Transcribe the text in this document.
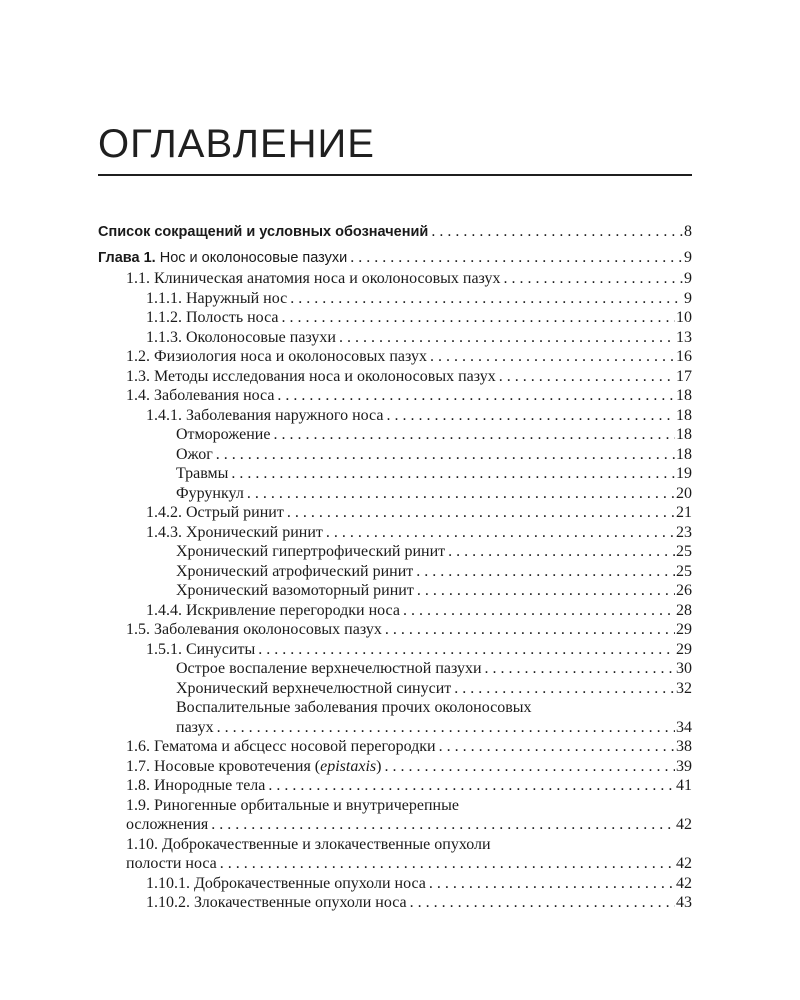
ОГЛАВЛЕНИЕ
Список сокращений и условных обозначений . . .	8
Глава 1. Нос и околоносовые пазухи . . .	9
1.1. Клиническая анатомия носа и околоносовых пазух . . .	9
1.1.1. Наружный нос . . .	9
1.1.2. Полость носа . . .	10
1.1.3. Околоносовые пазухи . . .	13
1.2. Физиология носа и околоносовых пазух . . .	16
1.3. Методы исследования носа и околоносовых пазух . . .	17
1.4. Заболевания носа . . .	18
1.4.1. Заболевания наружного носа . . .	18
Отморожение . . .	18
Ожог . . .	18
Травмы . . .	19
Фурункул . . .	20
1.4.2. Острый ринит . . .	21
1.4.3. Хронический ринит . . .	23
Хронический гипертрофический ринит . . .	25
Хронический атрофический ринит . . .	25
Хронический вазомоторный ринит . . .	26
1.4.4. Искривление перегородки носа . . .	28
1.5. Заболевания околоносовых пазух . . .	29
1.5.1. Синуситы . . .	29
Острое воспаление верхнечелюстной пазухи . . .	30
Хронический верхнечелюстной синусит . . .	32
Воспалительные заболевания прочих околоносовых
пазух . . .	34
1.6. Гематома и абсцесс носовой перегородки . . .	38
1.7. Носовые кровотечения (epistaxis) . . .	39
1.8. Инородные тела . . .	41
1.9. Риногенные орбитальные и внутричерепные
осложнения . . .	42
1.10. Доброкачественные и злокачественные опухоли
полости носа . . .	42
1.10.1. Доброкачественные опухоли носа . . .	42
1.10.2. Злокачественные опухоли носа . . .	43
